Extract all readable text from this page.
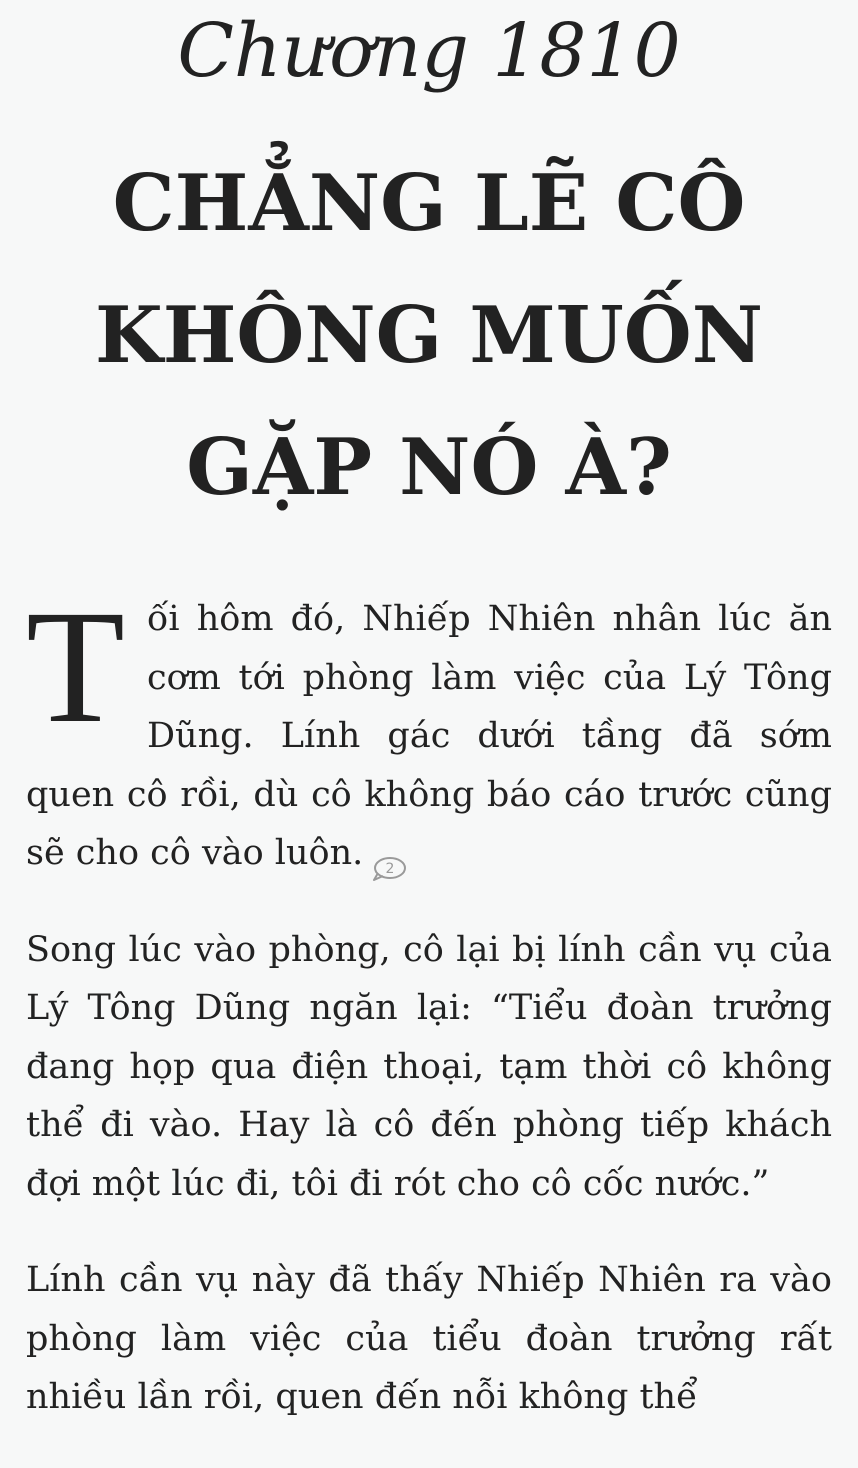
Chương 1810
CHẲNG LẼ CÔ KHÔNG MUỐN GẶP NÓ À?

Tối hôm đó, Nhiếp Nhiên nhân lúc ăn cơm tới phòng làm việc của Lý Tông Dũng. Lính gác dưới tầng đã sớm quen cô rồi, dù cô không báo cáo trước cũng sẽ cho cô vào luôn. 2

Song lúc vào phòng, cô lại bị lính cần vụ của Lý Tông Dũng ngăn lại: “Tiểu đoàn trưởng đang họp qua điện thoại, tạm thời cô không thể đi vào. Hay là cô đến phòng tiếp khách đợi một lúc đi, tôi đi rót cho cô cốc nước.”

Lính cần vụ này đã thấy Nhiếp Nhiên ra vào phòng làm việc của tiểu đoàn trưởng rất nhiều lần rồi, quen đến nỗi không thể
